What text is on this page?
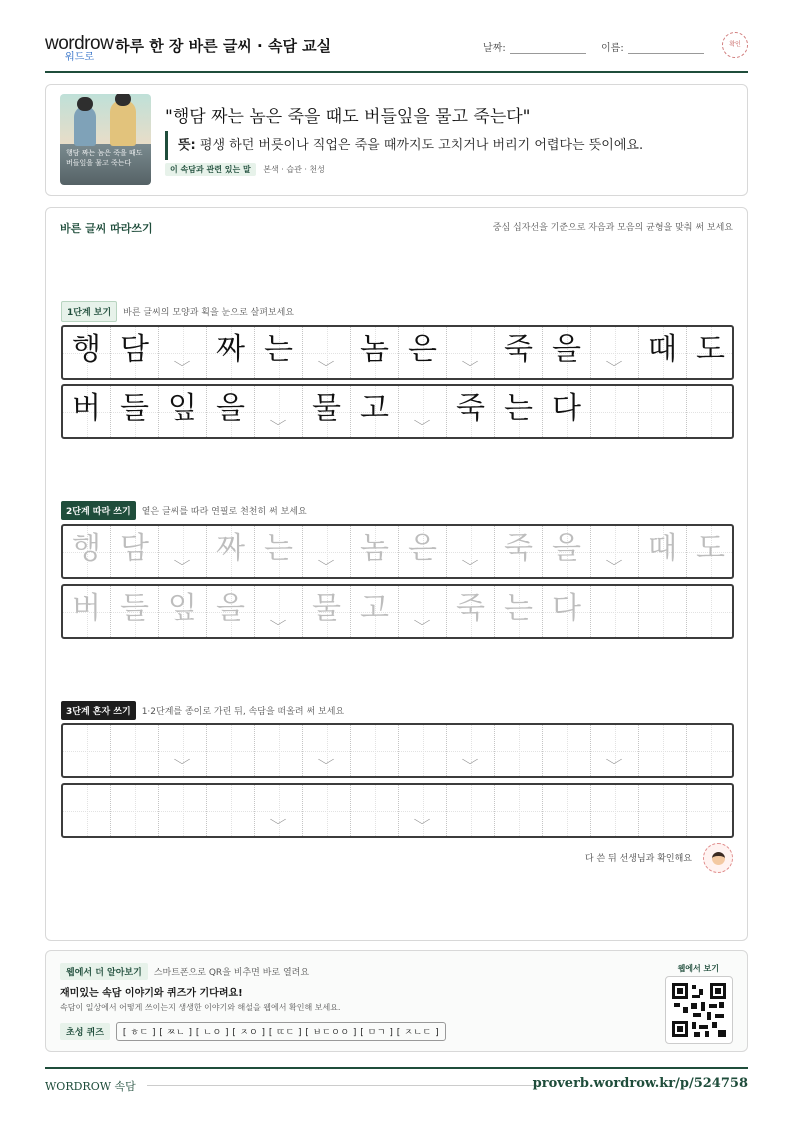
wordrow
워드로
하루 한 장 바른 글씨 · 속담 교실	날짜:	이름:	확인
행담 짜는 놈은 죽을 때도 버들잎을 물고 죽는다
"행담 짜는 놈은 죽을 때도 버들잎을 물고 죽는다"
뜻: 평생 하던 버릇이나 직업은 죽을 때까지도 고치거나 버리기 어렵다는 뜻이에요.
이 속담과 관련 있는 말 본색 · 습관 · 천성
바른 글씨 따라쓰기	중심 십자선을 기준으로 자음과 모음의 균형을 맞춰 써 보세요
1단계 보기 바른 글씨의 모양과 획을 눈으로 살펴보세요
행 담	﹀ 짜 는	﹀ 놈 은	﹀ 죽 을	﹀ 때 도
버 들 잎 을	﹀ 물 고	﹀ 죽 는 다
2단계 따라 쓰기 옅은 글씨를 따라 연필로 천천히 써 보세요
행 담	﹀ 짜 는	﹀ 놈 은	﹀ 죽 을	﹀ 때 도
버 들 잎 을	﹀ 물 고	﹀ 죽 는 다
3단계 혼자 쓰기 1·2단계를 종이로 가린 뒤, 속담을 떠올려 써 보세요
﹀	﹀	﹀	﹀
﹀	﹀
다 쓴 뒤 선생님과 확인해요
웹에서 더 알아보기 스마트폰으로 QR을 비추면 바로 열려요
재미있는 속담 이야기와 퀴즈가 기다려요!
속담이 일상에서 어떻게 쓰이는지 생생한 이야기와 해설을 웹에서 확인해 보세요.
초성 퀴즈 [ ㅎㄷ ] [ ㅉㄴ ] [ ㄴㅇ ] [ ㅈㅇ ] [ ㄸㄷ ] [ ㅂㄷㅇㅇ ] [ ㅁㄱ ] [ ㅈㄴㄷ ]
웹에서 보기
WORDROW 속담	proverb.wordrow.kr/p/524758
